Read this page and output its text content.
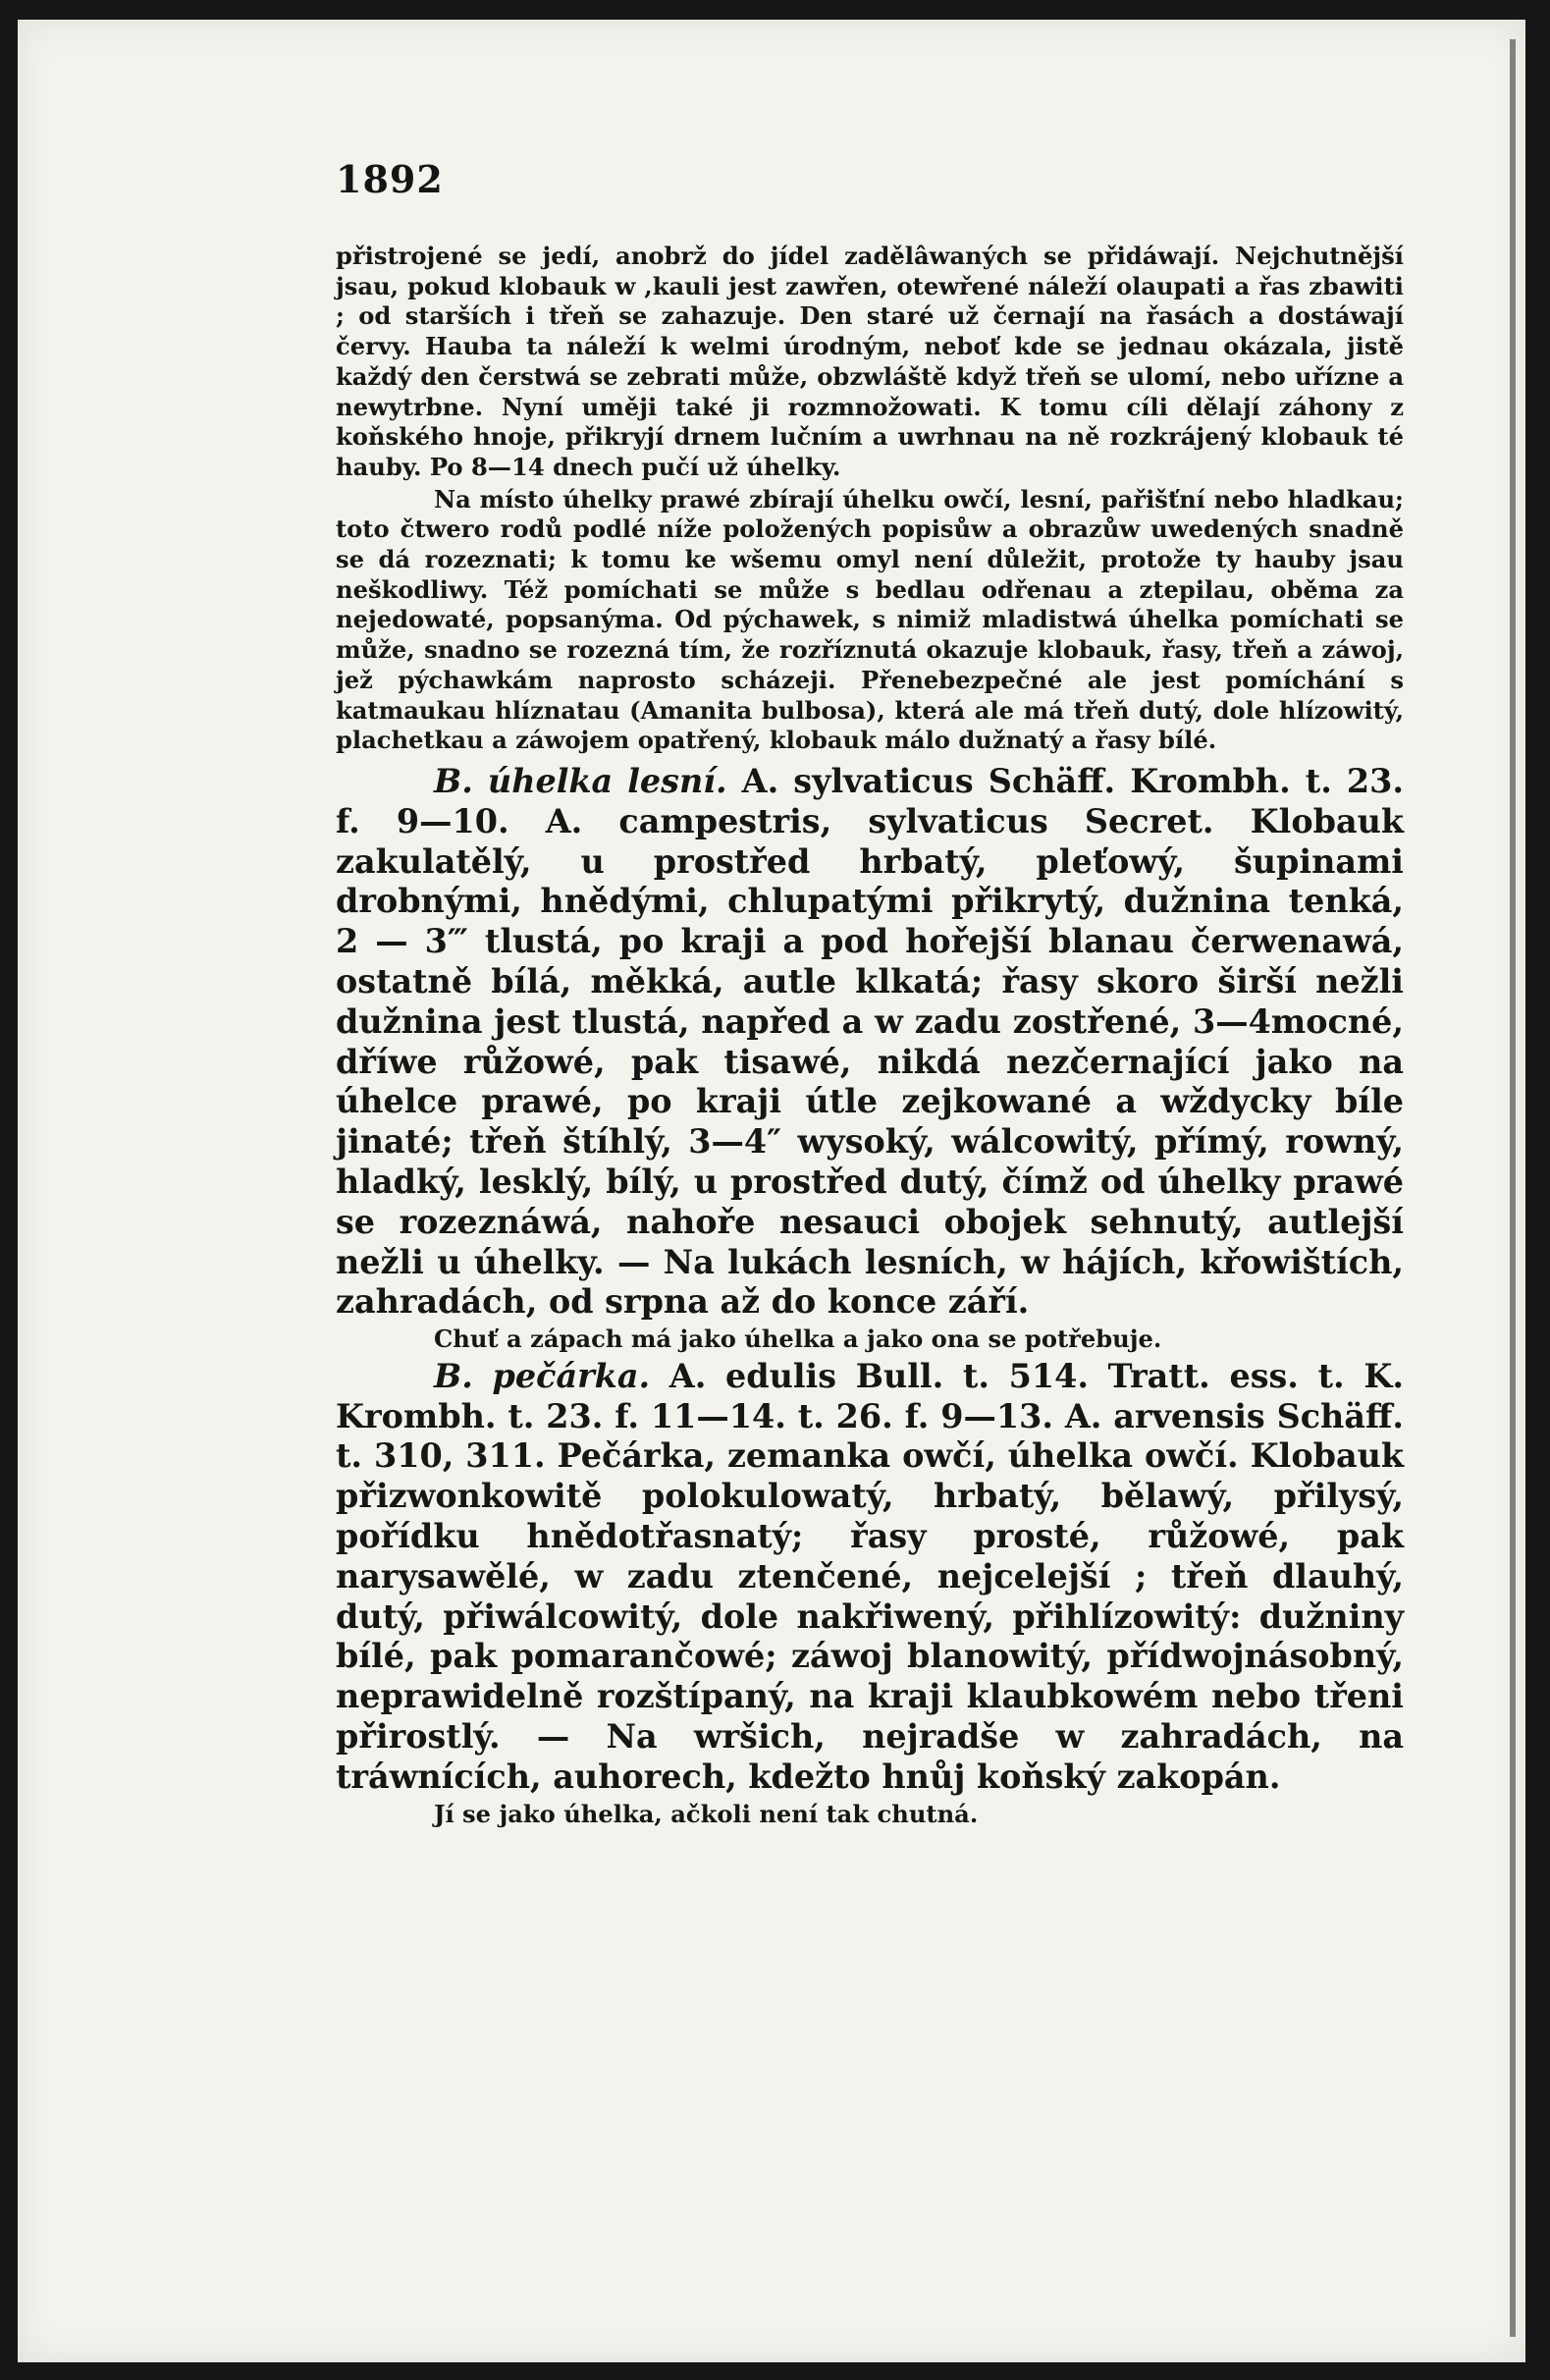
1892

přistrojené se jedí, anobrž do jídel zadělâwaných se přidáwají. Nejchutnější jsau, pokud klobauk w ,kauli jest zawřen, otewřené náleží olaupati a řas zbawiti ; od starších i třeň se zahazuje. Den staré už černají na řasách a dostáwají červy. Hauba ta náleží k welmi úrodným, neboť kde se jednau okázala, jistě každý den čerstwá se zebrati může, obzwláště když třeň se ulomí, nebo uřízne a newytrbne. Nyní uměji také ji rozmnožowati. K tomu cíli dělají záhony z koňského hnoje, přikryjí drnem lučním a uwrhnau na ně rozkrájený klobauk té hauby. Po 8—14 dnech pučí už úhelky.

Na místo úhelky prawé zbírají úhelku owčí, lesní, pařišťní nebo hladkau; toto čtwero rodů podlé níže položených popisůw a obrazůw uwedených snadně se dá rozeznati; k tomu ke wšemu omyl není důležit, protože ty hauby jsau neškodliwy. Též pomíchati se může s bedlau odřenau a ztepilau, oběma za nejedowaté, popsanýma. Od pýchawek, s nimiž mladistwá úhelka pomíchati se může, snadno se rozezná tím, že rozříznutá okazuje klobauk, řasy, třeň a záwoj, jež pýchawkám naprosto scházeji. Přenebezpečné ale jest pomíchání s katmaukau hlíznatau (Amanita bulbosa), která ale má třeň dutý, dole hlízowitý, plachetkau a záwojem opatřený, klobauk málo dužnatý a řasy bílé.

B. úhelka lesní. A. sylvaticus Schäff. Krombh. t. 23. f. 9—10. A. campestris, sylvaticus Secret. Klobauk zakulatělý, u prostřed hrbatý, pleťowý, šupinami drobnými, hnědými, chlupatými přikrytý, dužnina tenká, 2 — 3‴ tlustá, po kraji a pod hořejší blanau čerwenawá, ostatně bílá, měkká, autle klkatá; řasy skoro širší nežli dužnina jest tlustá, napřed a w zadu zostřené, 3—4mocné, dříwe růžowé, pak tisawé, nikdá nezčernající jako na úhelce prawé, po kraji útle zejkowané a wždycky bíle jinaté; třeň štíhlý, 3—4″ wysoký, wálcowitý, přímý, rowný, hladký, lesklý, bílý, u prostřed dutý, čímž od úhelky prawé se rozeznáwá, nahoře nesauci obojek sehnutý, autlejší nežli u úhelky. — Na lukách lesních, w hájích, křowištích, zahradách, od srpna až do konce září.

Chuť a zápach má jako úhelka a jako ona se potřebuje.

B. pečárka. A. edulis Bull. t. 514. Tratt. ess. t. K. Krombh. t. 23. f. 11—14. t. 26. f. 9—13. A. arvensis Schäff. t. 310, 311. Pečárka, zemanka owčí, úhelka owčí. Klobauk přizwonkowitě polokulowatý, hrbatý, bělawý, přilysý, pořídku hnědotřasnatý; řasy prosté, růžowé, pak narysawělé, w zadu ztenčené, nejcelejší ; třeň dlauhý, dutý, přiwálcowitý, dole nakřiwený, přihlízowitý: dužniny bílé, pak pomarančowé; záwoj blanowitý, přídwojnásobný, neprawidelně rozštípaný, na kraji klaubkowém nebo třeni přirostlý. — Na wršich, nejradše w zahradách, na tráwnících, auhorech, kdežto hnůj koňský zakopán.

Jí se jako úhelka, ačkoli není tak chutná.
